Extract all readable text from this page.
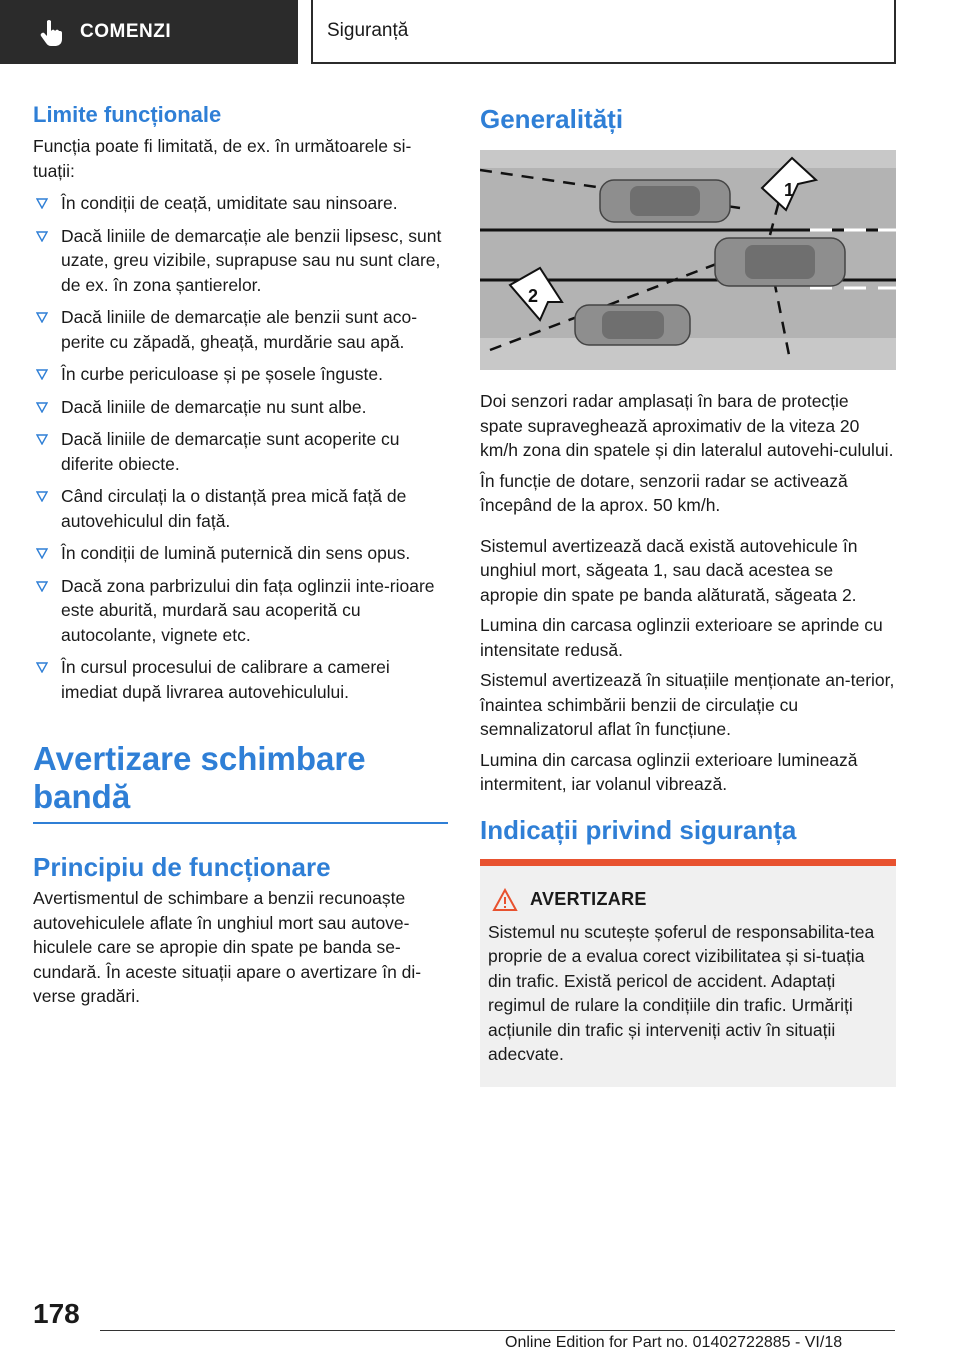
COMENZI	Siguranță
Limite funcționale

Funcția poate fi limitată, de ex. în următoarele si‐tuații:

În condiții de ceață, umiditate sau ninsoare.
Dacă liniile de demarcație ale benzii lipsesc, sunt uzate, greu vizibile, suprapuse sau nu sunt clare, de ex. în zona șantierelor.
Dacă liniile de demarcație ale benzii sunt aco‐perite cu zăpadă, gheață, murdărie sau apă.
În curbe periculoase și pe șosele înguste.
Dacă liniile de demarcație nu sunt albe.
Dacă liniile de demarcație sunt acoperite cu diferite obiecte.
Când circulați la o distanță prea mică față de autovehiculul din față.
În condiții de lumină puternică din sens opus.
Dacă zona parbrizului din fața oglinzii inte‐rioare este aburită, murdară sau acoperită cu autocolante, vignete etc.
În cursul procesului de calibrare a camerei imediat după livrarea autovehiculului.
Avertizare schimbare bandă
Principiu de funcționare

Avertismentul de schimbare a benzii recunoaște autovehiculele aflate în unghiul mort sau autove‐hiculele care se apropie din spate pe banda se‐cundară. În aceste situații apare o avertizare în di‐verse gradări.

Generalități
1
2

Doi senzori radar amplasați în bara de protecție spate supraveghează aproximativ de la viteza 20 km/h zona din spatele și din lateralul autovehi‐culului.

În funcție de dotare, senzorii radar se activează începând de la aprox. 50 km/h.

Sistemul avertizează dacă există autovehicule în unghiul mort, săgeata 1, sau dacă acestea se apropie din spate pe banda alăturată, săgeata 2.

Lumina din carcasa oglinzii exterioare se aprinde cu intensitate redusă.

Sistemul avertizează în situațiile menționate an‐terior, înaintea schimbării benzii de circulație cu semnalizatorul aflat în funcțiune.

Lumina din carcasa oglinzii exterioare luminează intermitent, iar volanul vibrează.

Indicații privind siguranța
AVERTIZARE

Sistemul nu scutește șoferul de responsabilita‐tea proprie de a evalua corect vizibilitatea și si‐tuația din trafic. Există pericol de accident. Adaptați regimul de rulare la condițiile din trafic. Urmăriți acțiunile din trafic și interveniți activ în situații adecvate.

178
Online Edition for Part no. 01402722885 - VI/18
